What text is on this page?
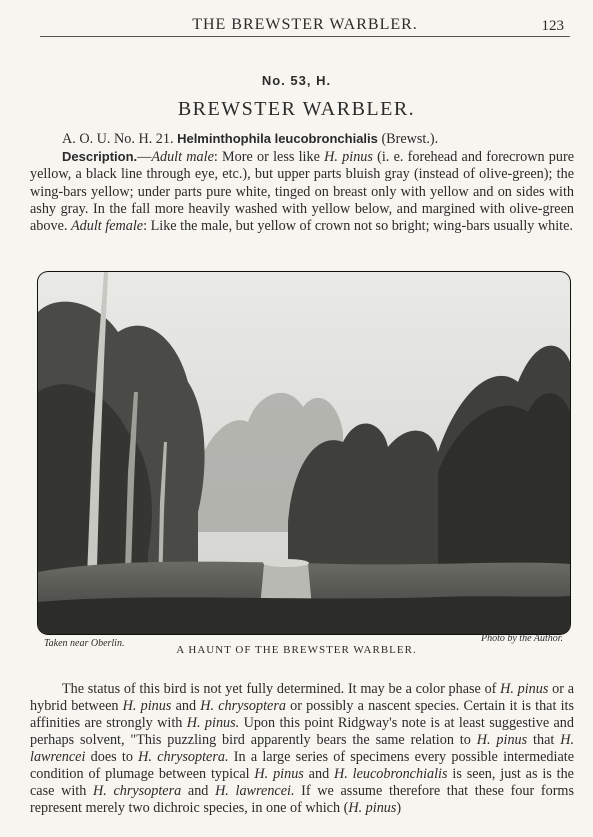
THE BREWSTER WARBLER.	123
No. 53, H.
BREWSTER WARBLER.
A. O. U. No. H. 21. Helminthophila leucobronchialis (Brewst.).
Description.—Adult male: More or less like H. pinus (i. e. forehead and forecrown pure yellow, a black line through eye, etc.), but upper parts bluish gray (instead of olive-green); the wing-bars yellow; under parts pure white, tinged on breast only with yellow and on sides with ashy gray. In the fall more heavily washed with yellow below, and margined with olive-green above. Adult female: Like the male, but yellow of crown not so bright; wing-bars usually white.
Taken near Oberlin.	Photo by the Author.
A HAUNT OF THE BREWSTER WARBLER.

The status of this bird is not yet fully determined. It may be a color phase of H. pinus or a hybrid between H. pinus and H. chrysoptera or possibly a nascent species. Certain it is that its affinities are strongly with H. pinus. Upon this point Ridgway's note is at least suggestive and perhaps solvent, "This puzzling bird apparently bears the same relation to H. pinus that H. lawrencei does to H. chrysoptera. In a large series of specimens every possible intermediate condition of plumage between typical H. pinus and H. leucobronchialis is seen, just as is the case with H. chrysoptera and H. lawrencei. If we assume therefore that these four forms represent merely two dichroic species, in one of which (H. pinus)
